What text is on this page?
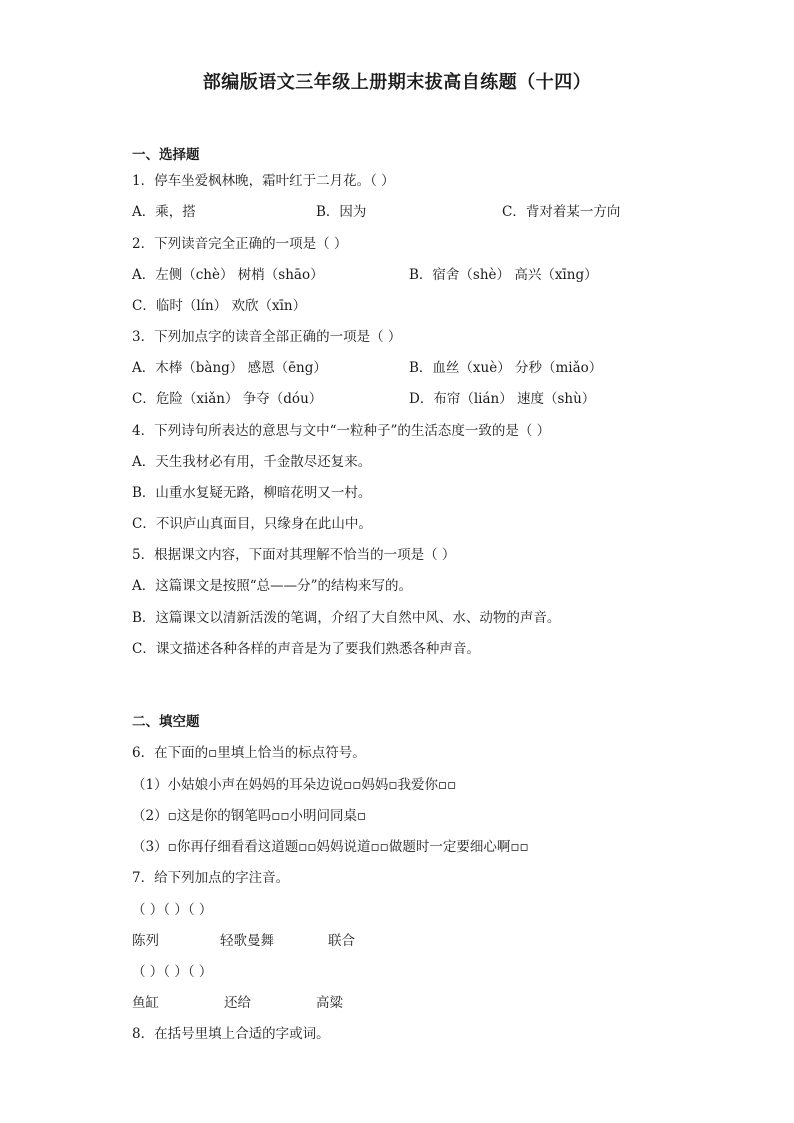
部编版语文三年级上册期末拔高自练题（十四）
一、选择题
1．停车坐爱枫林晚，霜叶红于二月花。（ ）
A．乘，搭	B．因为	C．背对着某一方向
2．下列读音完全正确的一项是（ ）
A．左侧（chè） 树梢（shāo）	B．宿舍（shè） 高兴（xīng）
C．临时（lín） 欢欣（xīn）
3．下列加点字的读音全部正确的一项是（ ）
A．木棒（bàng） 感恩（ēng）	B．血丝（xuè） 分秒（miǎo）
C．危险（xiǎn） 争夺（dóu）	D．布帘（lián） 速度（shù）
4．下列诗句所表达的意思与文中“一粒种子”的生活态度一致的是（ ）
A．天生我材必有用，千金散尽还复来。
B．山重水复疑无路，柳暗花明又一村。
C．不识庐山真面目，只缘身在此山中。
5．根据课文内容，下面对其理解不恰当的一项是（ ）
A．这篇课文是按照“总——分”的结构来写的。
B．这篇课文以清新活泼的笔调，介绍了大自然中风、水、动物的声音。
C．课文描述各种各样的声音是为了要我们熟悉各种声音。
二、填空题
6．在下面的▫里填上恰当的标点符号。
（1）小姑娘小声在妈妈的耳朵边说▫▫妈妈▫我爱你▫▫
（2）▫这是你的钢笔吗▫▫小明问同桌▫
（3）▫你再仔细看看这道题▫▫妈妈说道▫▫做题时一定要细心啊▫▫
7．给下列加点的字注音。
（ ）（ ）（ ）
陈列	轻歌曼舞	联合
（ ）（ ）（ ）
鱼缸	还给	高粱
8．在括号里填上合适的字或词。
